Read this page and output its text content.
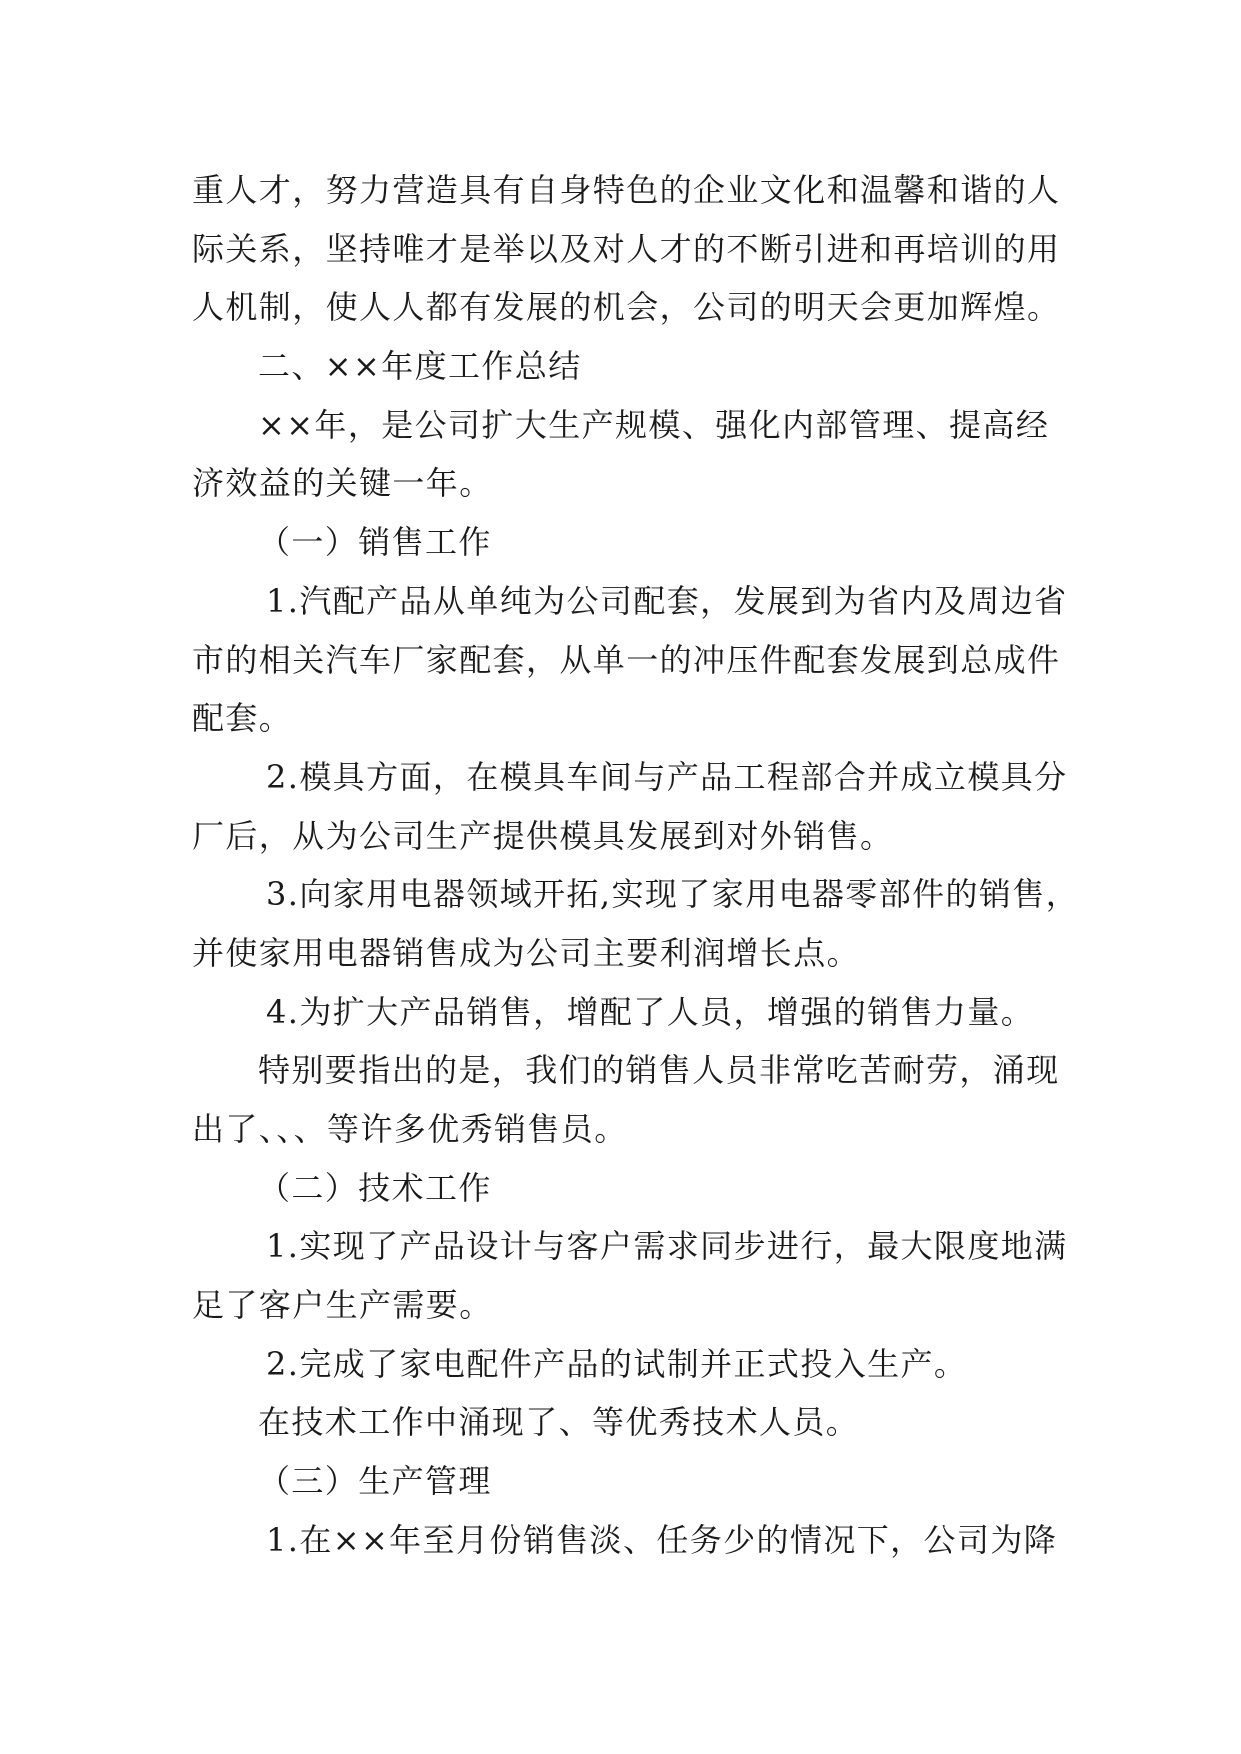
重人才，努力营造具有自身特色的企业文化和温馨和谐的人
际关系，坚持唯才是举以及对人才的不断引进和再培训的用
人机制，使人人都有发展的机会，公司的明天会更加辉煌。
二、××年度工作总结
××年，是公司扩大生产规模、强化内部管理、提高经
济效益的关键一年。
（一）销售工作
1.汽配产品从单纯为公司配套，发展到为省内及周边省
市的相关汽车厂家配套，从单一的冲压件配套发展到总成件
配套。
2.模具方面，在模具车间与产品工程部合并成立模具分
厂后，从为公司生产提供模具发展到对外销售。
3.向家用电器领域开拓,实现了家用电器零部件的销售，
并使家用电器销售成为公司主要利润增长点。
4.为扩大产品销售，增配了人员，增强的销售力量。
特别要指出的是，我们的销售人员非常吃苦耐劳，涌现
出了、、、等许多优秀销售员。
（二）技术工作
1.实现了产品设计与客户需求同步进行，最大限度地满
足了客户生产需要。
2.完成了家电配件产品的试制并正式投入生产。
在技术工作中涌现了、等优秀技术人员。
（三）生产管理
1.在××年至月份销售淡、任务少的情况下，公司为降
